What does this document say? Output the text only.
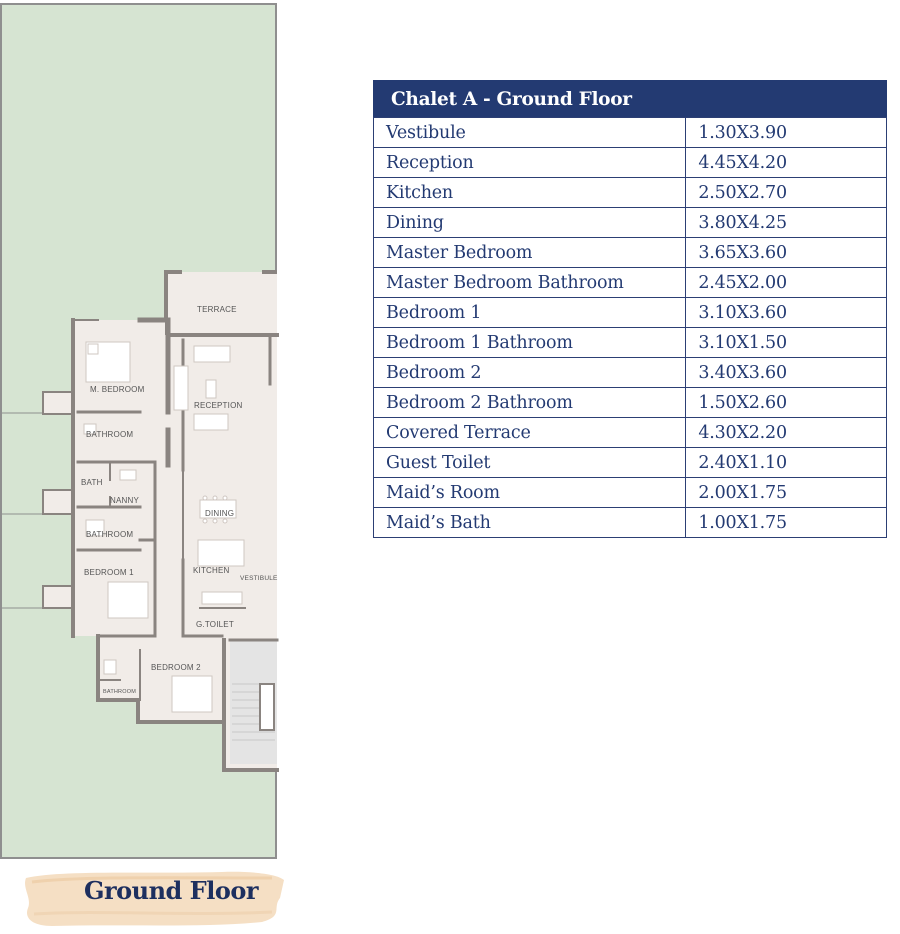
TERRACE
M. BEDROOM
RECEPTION
BATHROOM
BATH
NANNY
DINING
BATHROOM
BEDROOM 1	KITCHEN
VESTIBULE
G.TOILET
BEDROOM 2
BATHROOM
Ground Floor
Chalet A - Ground Floor
Vestibule	1.30X3.90
Reception	4.45X4.20
Kitchen	2.50X2.70
Dining	3.80X4.25
Master Bedroom	3.65X3.60
Master Bedroom Bathroom	2.45X2.00
Bedroom 1	3.10X3.60
Bedroom 1 Bathroom	3.10X1.50
Bedroom 2	3.40X3.60
Bedroom 2 Bathroom	1.50X2.60
Covered Terrace	4.30X2.20
Guest Toilet	2.40X1.10
Maid’s Room	2.00X1.75
Maid’s Bath	1.00X1.75
